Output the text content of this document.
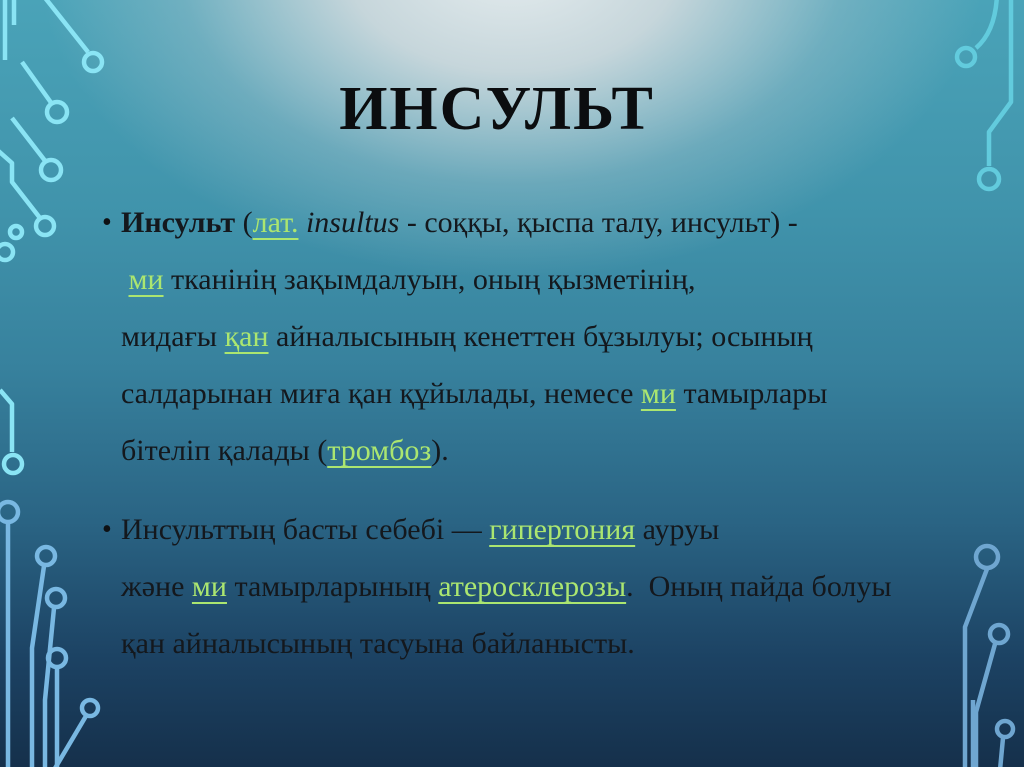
ИНСУЛЬТ
• Инсульт (лат. insultus - соққы, қыспа талу, инсульт) -
ми тканінің зақымдалуын, оның қызметінің,
мидағы қан айналысының кенеттен бұзылуы; осының
салдарынан миға қан құйылады, немесе ми тамырлары
бітеліп қалады (тромбоз).
• Инсульттың басты себебі — гипертония ауруы
және ми тамырларының атеросклерозы.  Оның пайда болуы
қан айналысының тасуына байланысты.
